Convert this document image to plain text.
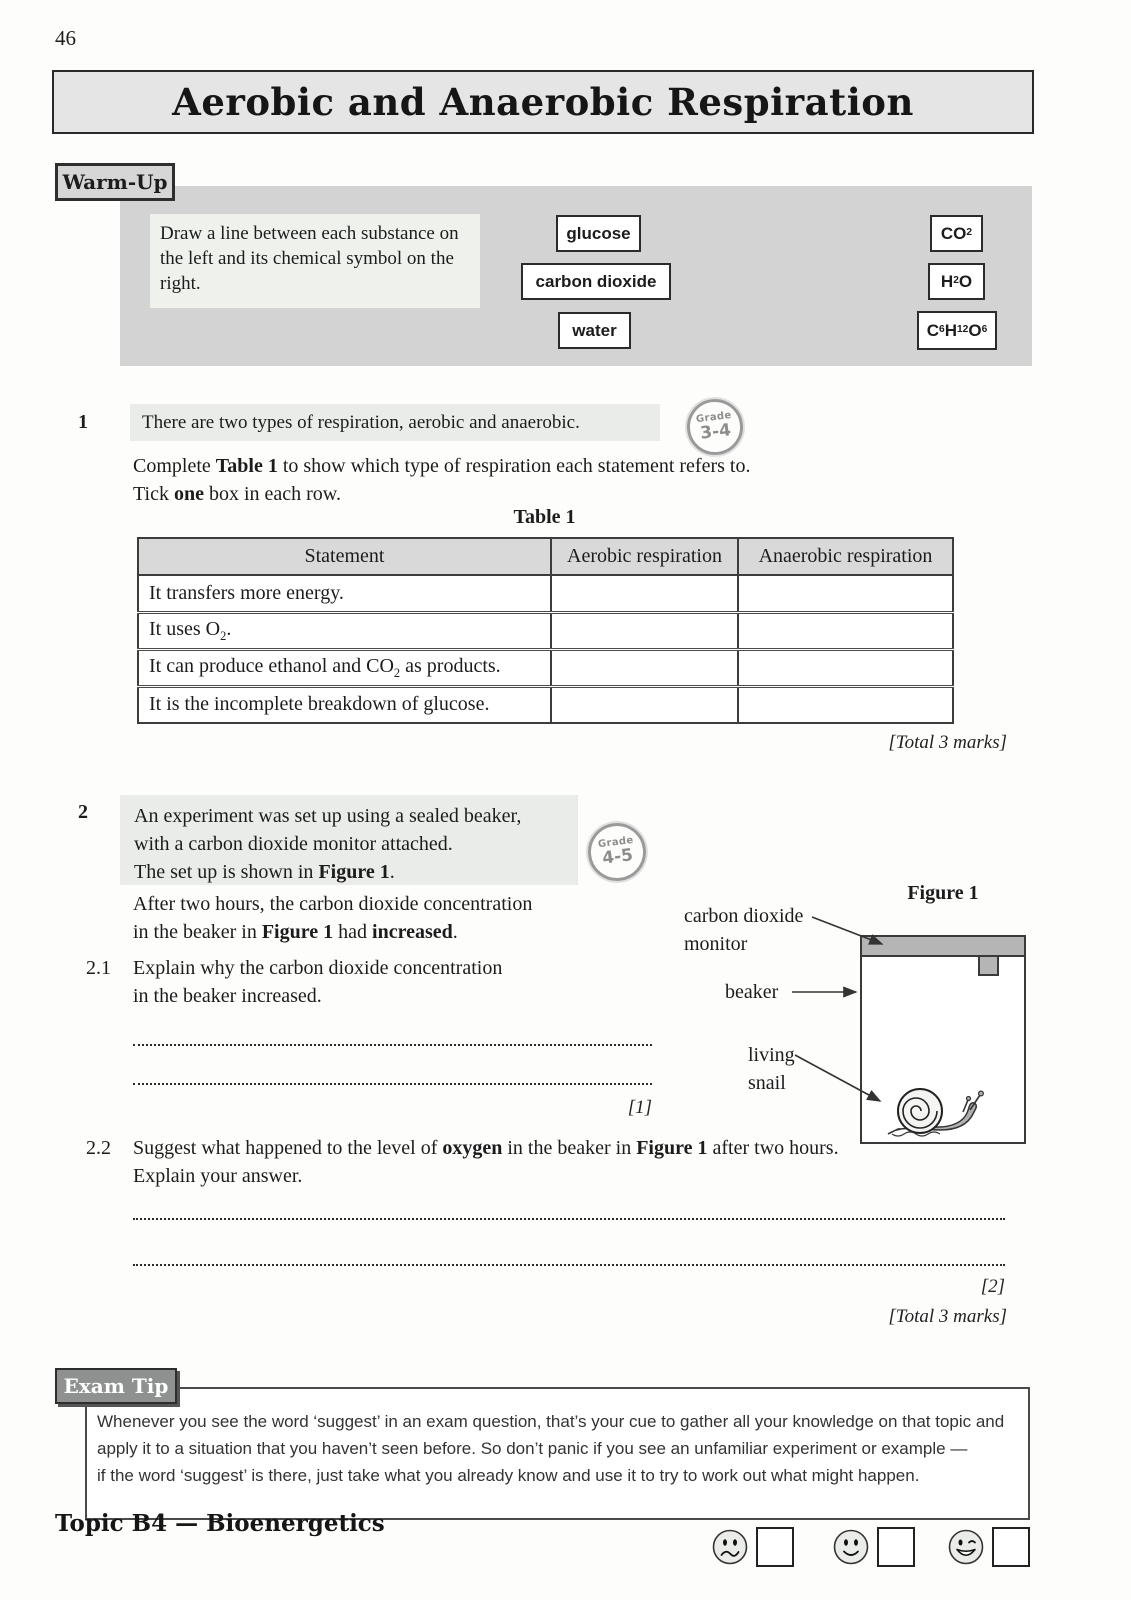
46
Aerobic and Anaerobic Respiration
Warm-Up
Draw a line between each substance on the left and its chemical symbol on the right.
glucose
carbon dioxide
water
CO 2
H 2 O
C 6 H 12 O 6
1	There are two types of respiration, aerobic and anaerobic.	Grade
3-4
Complete Table 1 to show which type of respiration each statement refers to.
Tick one box in each row.
Table 1
Statement	Aerobic respiration	Anaerobic respiration
It transfers more energy.		
It uses $O_2$.		
It can produce ethanol and $CO_2$ as products.		
It is the incomplete breakdown of glucose.		
[Total 3 marks]
2 An experiment was set up using a sealed beaker,
with a carbon dioxide monitor attached.
The set up is shown in Figure 1.
Grade
4-5
After two hours, the carbon dioxide concentration
in the beaker in Figure 1 had increased.
2.1 Explain why the carbon dioxide concentration
in the beaker increased.
[1]
Figure 1
carbon dioxide
monitor
beaker
living
snail
2.2 Suggest what happened to the level of oxygen in the beaker in Figure 1 after two hours.
Explain your answer.
[2]
[Total 3 marks]
Exam Tip
Whenever you see the word ‘suggest’ in an exam question, that’s your cue to gather all your knowledge on that topic and
apply it to a situation that you haven’t seen before. So don’t panic if you see an unfamiliar experiment or example —
if the word ‘suggest’ is there, just take what you already know and use it to try to work out what might happen.
Topic B4 — Bioenergetics
